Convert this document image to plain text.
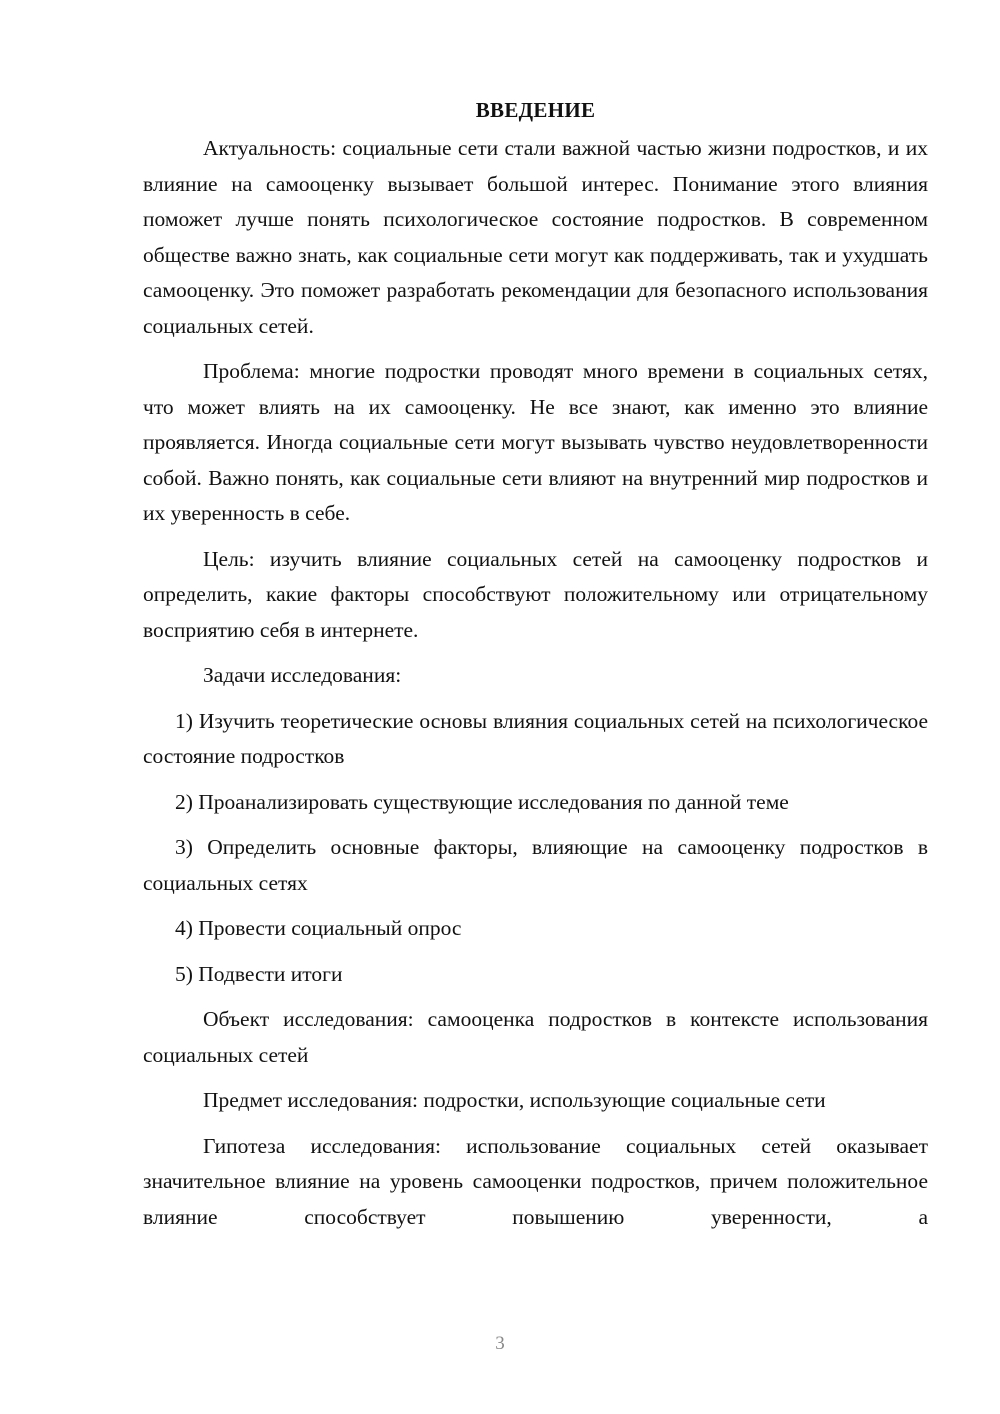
ВВЕДЕНИЕ

Актуальность: социальные сети стали важной частью жизни подростков, и их влияние на самооценку вызывает большой интерес. Понимание этого влияния поможет лучше понять психологическое состояние подростков. В современном обществе важно знать, как социальные сети могут как поддерживать, так и ухудшать самооценку. Это поможет разработать рекомендации для безопасного использования социальных сетей.

Проблема: многие подростки проводят много времени в социальных сетях, что может влиять на их самооценку. Не все знают, как именно это влияние проявляется. Иногда социальные сети могут вызывать чувство неудовлетворенности собой. Важно понять, как социальные сети влияют на внутренний мир подростков и их уверенность в себе.

Цель: изучить влияние социальных сетей на самооценку подростков и определить, какие факторы способствуют положительному или отрицательному восприятию себя в интернете.

Задачи исследования:

1) Изучить теоретические основы влияния социальных сетей на психологическое состояние подростков

2) Проанализировать существующие исследования по данной теме

3) Определить основные факторы, влияющие на самооценку подростков в социальных сетях

4) Провести социальный опрос

5) Подвести итоги

Объект исследования: самооценка подростков в контексте использования социальных сетей

Предмет исследования: подростки, использующие социальные сети

Гипотеза исследования: использование социальных сетей оказывает значительное влияние на уровень самооценки подростков, причем положительное влияние способствует повышению уверенности, а

3
